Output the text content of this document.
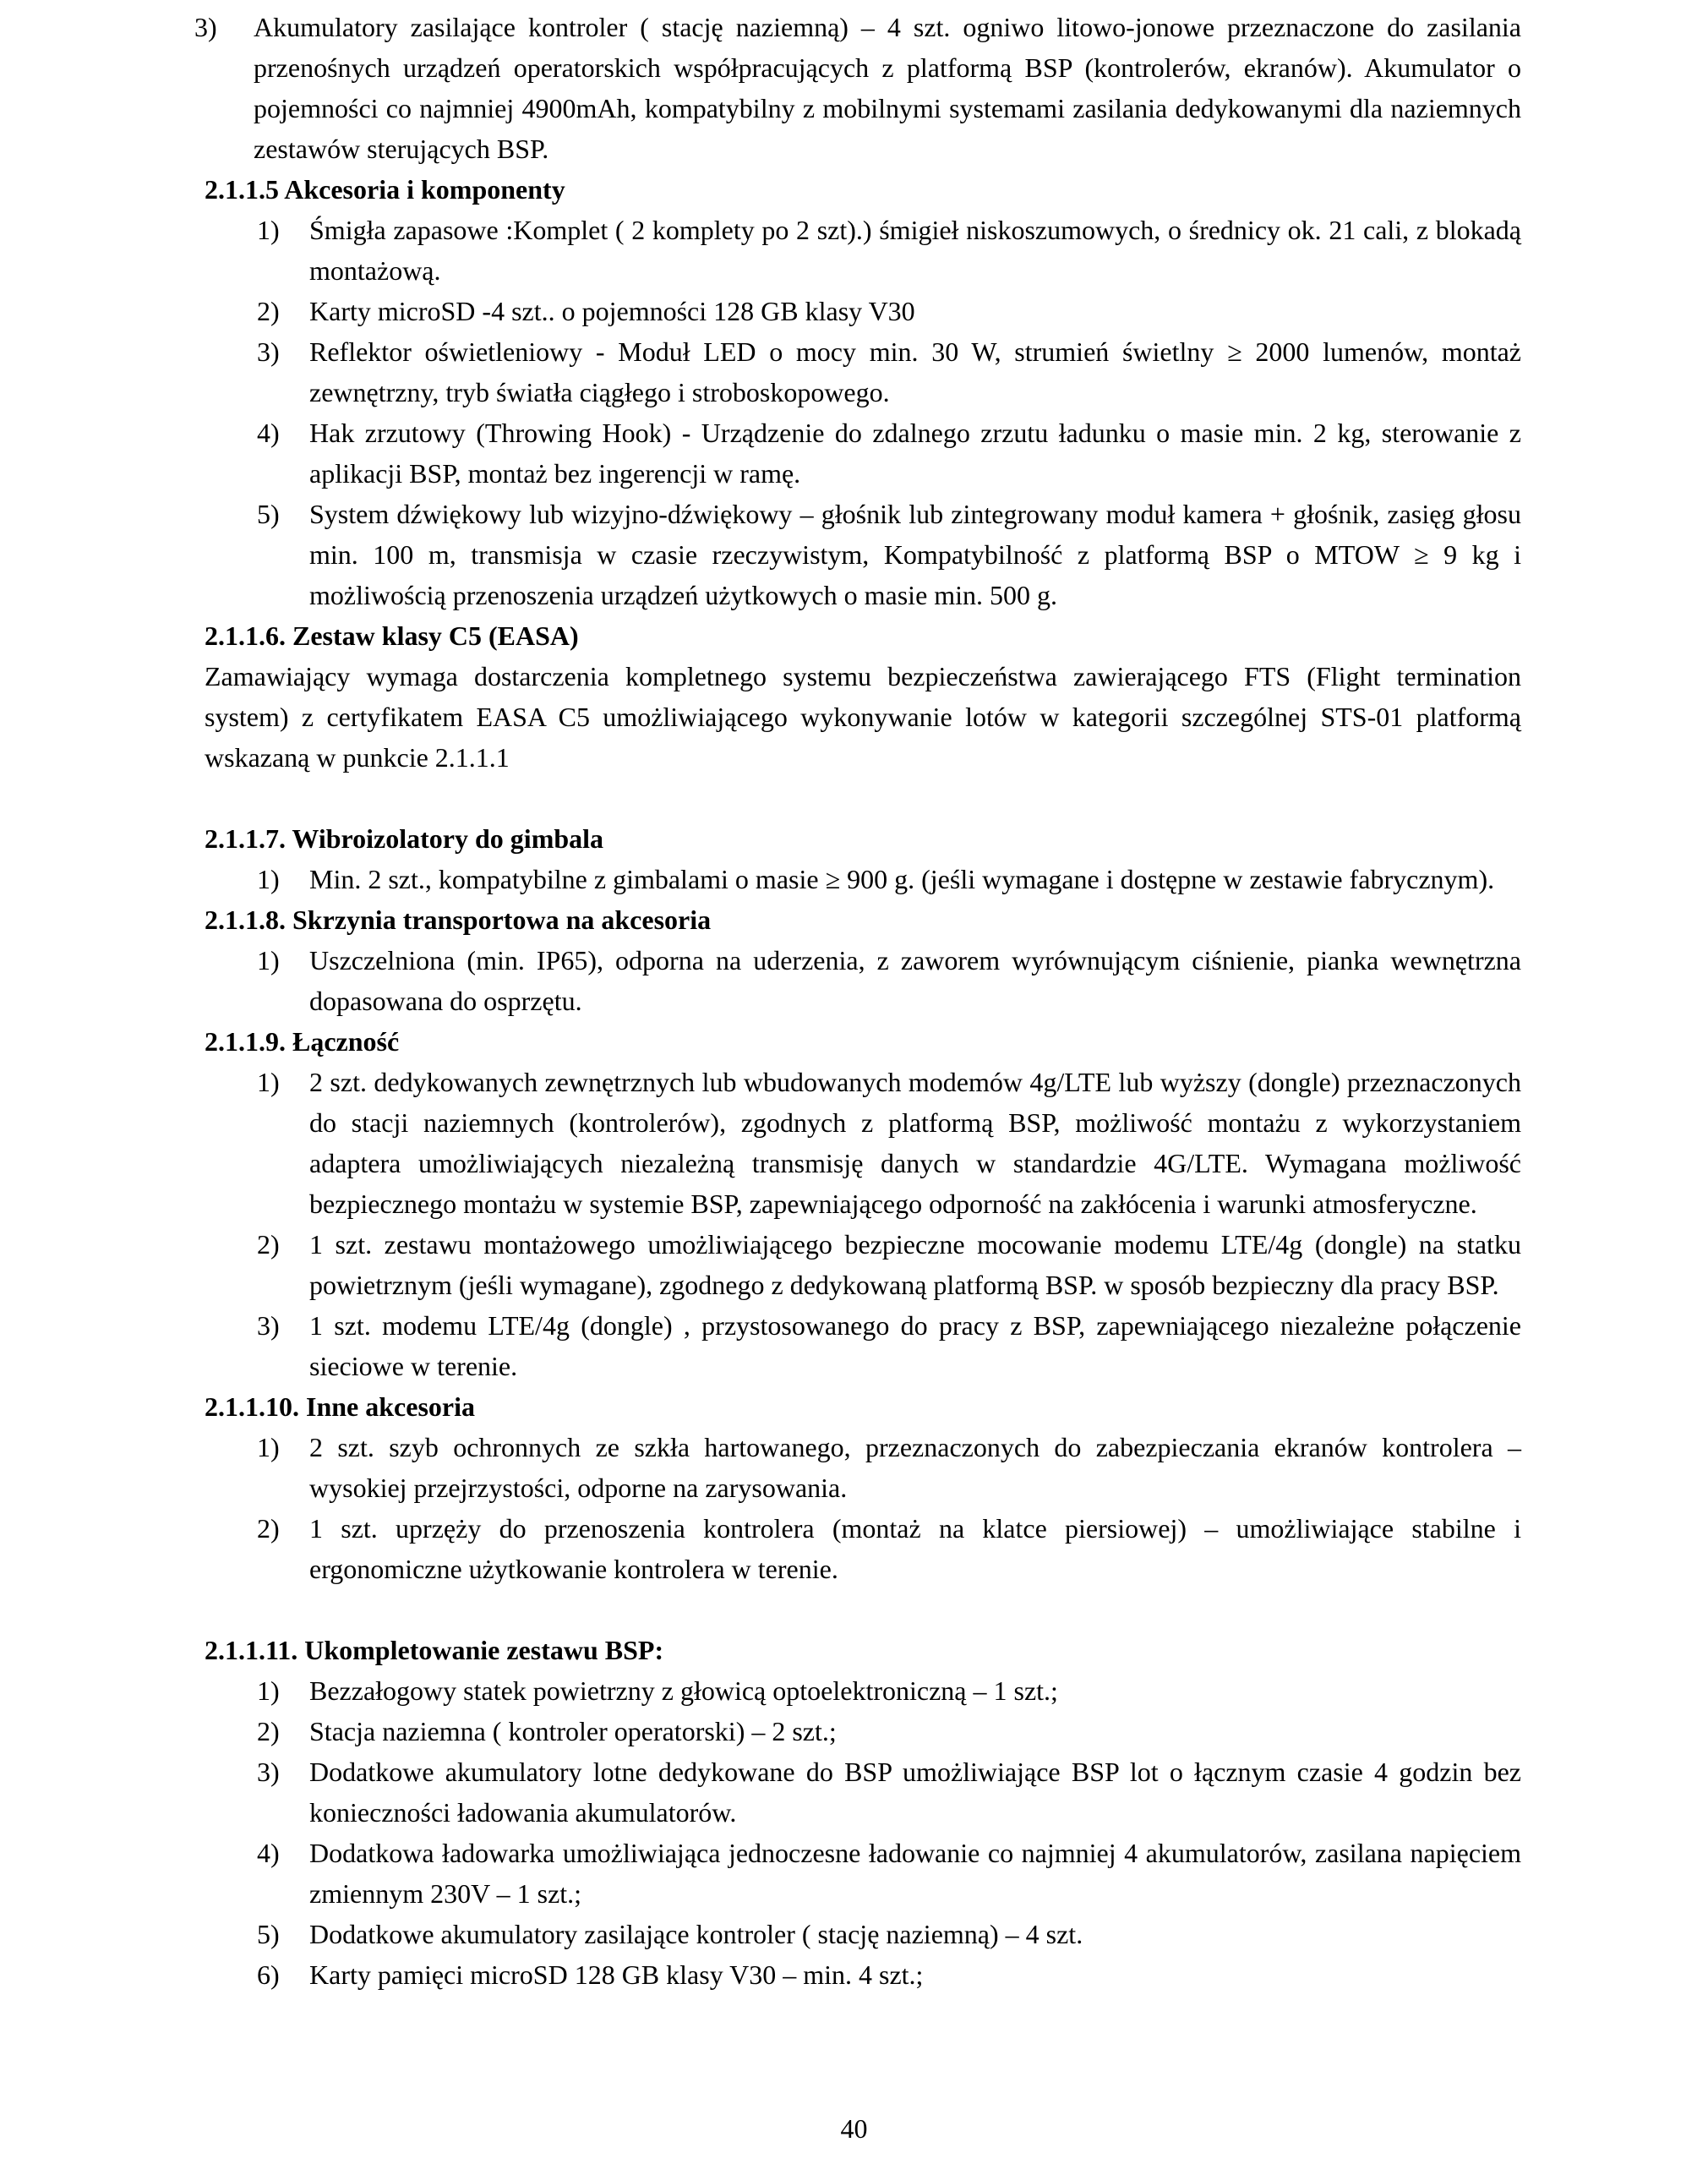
3) Akumulatory zasilające kontroler ( stację naziemną) – 4 szt. ogniwo litowo-jonowe przeznaczone do zasilania przenośnych urządzeń operatorskich współpracujących z platformą BSP (kontrolerów, ekranów). Akumulator o pojemności co najmniej 4900mAh, kompatybilny z mobilnymi systemami zasilania dedykowanymi dla naziemnych zestawów sterujących BSP.
2.1.1.5 Akcesoria i komponenty
1) Śmigła zapasowe :Komplet ( 2 komplety po 2 szt).) śmigieł niskoszumowych, o średnicy ok. 21 cali, z blokadą montażową.
2) Karty microSD -4 szt.. o pojemności 128 GB klasy V30
3) Reflektor oświetleniowy - Moduł LED o mocy min. 30 W, strumień świetlny ≥ 2000 lumenów, montaż zewnętrzny, tryb światła ciągłego i stroboskopowego.
4) Hak zrzutowy (Throwing Hook) - Urządzenie do zdalnego zrzutu ładunku o masie min. 2 kg, sterowanie z aplikacji BSP, montaż bez ingerencji w ramę.
5) System dźwiękowy lub wizyjno-dźwiękowy – głośnik lub zintegrowany moduł kamera + głośnik, zasięg głosu min. 100 m, transmisja w czasie rzeczywistym, Kompatybilność z platformą BSP o MTOW ≥ 9 kg i możliwością przenoszenia urządzeń użytkowych o masie min. 500 g.
2.1.1.6. Zestaw klasy C5 (EASA)
Zamawiający wymaga dostarczenia kompletnego systemu bezpieczeństwa zawierającego FTS (Flight termination system) z certyfikatem EASA C5 umożliwiającego wykonywanie lotów w kategorii szczególnej STS-01 platformą wskazaną w punkcie 2.1.1.1
2.1.1.7. Wibroizolatory do gimbala
1) Min. 2 szt., kompatybilne z gimbalami o masie ≥ 900 g. (jeśli wymagane i dostępne w zestawie fabrycznym).
2.1.1.8. Skrzynia transportowa na akcesoria
1) Uszczelniona (min. IP65), odporna na uderzenia, z zaworem wyrównującym ciśnienie, pianka wewnętrzna dopasowana do osprzętu.
2.1.1.9. Łączność
1) 2 szt. dedykowanych zewnętrznych lub wbudowanych modemów 4g/LTE lub wyższy (dongle) przeznaczonych do stacji naziemnych (kontrolerów), zgodnych z platformą BSP, możliwość montażu z wykorzystaniem adaptera umożliwiających niezależną transmisję danych w standardzie 4G/LTE. Wymagana możliwość bezpiecznego montażu w systemie BSP, zapewniającego odporność na zakłócenia i warunki atmosferyczne.
2) 1 szt. zestawu montażowego umożliwiającego bezpieczne mocowanie modemu LTE/4g (dongle) na statku powietrznym (jeśli wymagane), zgodnego z dedykowaną platformą BSP. w sposób bezpieczny dla pracy BSP.
3) 1 szt. modemu LTE/4g (dongle) , przystosowanego do pracy z BSP, zapewniającego niezależne połączenie sieciowe w terenie.
2.1.1.10. Inne akcesoria
1) 2 szt. szyb ochronnych ze szkła hartowanego, przeznaczonych do zabezpieczania ekranów kontrolera – wysokiej przejrzystości, odporne na zarysowania.
2) 1 szt. uprzęży do przenoszenia kontrolera (montaż na klatce piersiowej) – umożliwiające stabilne i ergonomiczne użytkowanie kontrolera w terenie.
2.1.1.11. Ukompletowanie zestawu BSP:
1) Bezzałogowy statek powietrzny z głowicą optoelektroniczną – 1 szt.;
2) Stacja naziemna ( kontroler operatorski) – 2 szt.;
3) Dodatkowe akumulatory lotne dedykowane do BSP umożliwiające BSP lot o łącznym czasie 4 godzin bez konieczności ładowania akumulatorów.
4) Dodatkowa ładowarka umożliwiająca jednoczesne ładowanie co najmniej 4 akumulatorów, zasilana napięciem zmiennym 230V – 1 szt.;
5) Dodatkowe akumulatory zasilające kontroler ( stację naziemną) – 4 szt.
6) Karty pamięci microSD 128 GB klasy V30 – min. 4 szt.;
40
